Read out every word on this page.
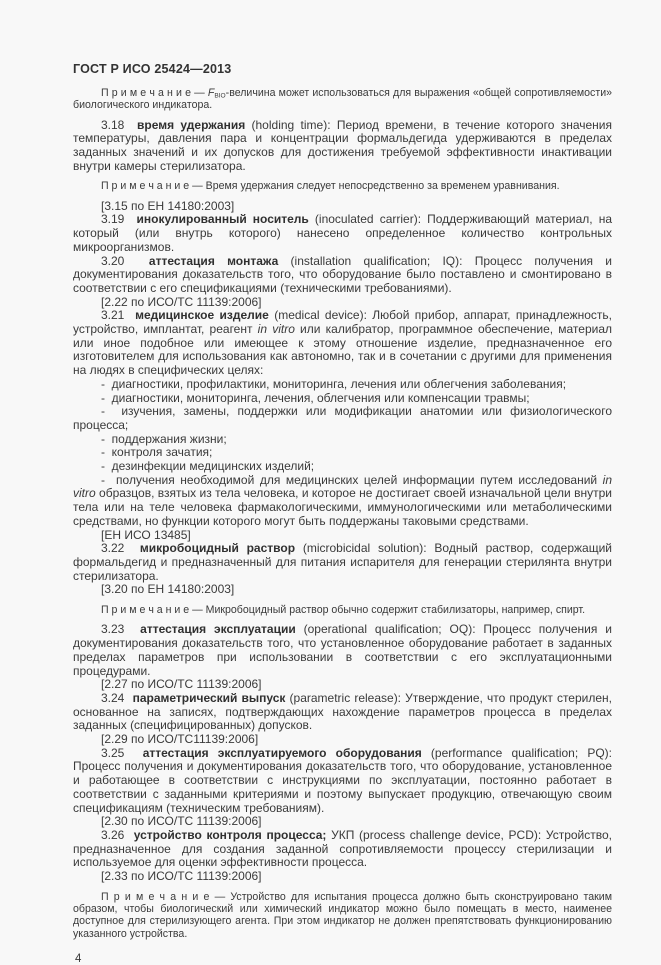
ГОСТ Р ИСО 25424—2013

П р и м е ч а н и е — $F_{BIO}$-величина может использоваться для выражения «общей сопротивляемости» биологического индикатора.

3.18  время удержания (holding time): Период времени, в течение которого значения температуры, давления пара и концентрации формальдегида удерживаются в пределах заданных значений и их допусков для достижения требуемой эффективности инактивации внутри камеры стерилизатора.

П р и м е ч а н и е — Время удержания следует непосредственно за временем уравнивания.

[3.15 по ЕН 14180:2003]

3.19  инокулированный носитель (inoculated carrier): Поддерживающий материал, на который (или внутрь которого) нанесено определенное количество контрольных микроорганизмов.

3.20  аттестация монтажа (installation qualification; IQ): Процесс получения и документирования доказательств того, что оборудование было поставлено и смонтировано в соответствии с его спецификациями (техническими требованиями).

[2.22 по ИСО/ТС 11139:2006]

3.21  медицинское изделие (medical device): Любой прибор, аппарат, принадлежность, устройство, имплантат, реагент in vitro или калибратор, программное обеспечение, материал или иное подобное или имеющее к этому отношение изделие, предназначенное его изготовителем для использования как автономно, так и в сочетании с другими для применения на людях в специфических целях:

-  диагностики, профилактики, мониторинга, лечения или облегчения заболевания;

-  диагностики, мониторинга, лечения, облегчения или компенсации травмы;

-  изучения, замены, поддержки или модификации анатомии или физиологического процесса;

-  поддержания жизни;

-  контроля зачатия;

-  дезинфекции медицинских изделий;

-  получения необходимой для медицинских целей информации путем исследований in vitro образцов, взятых из тела человека, и которое не достигает своей изначальной цели внутри тела или на теле человека фармакологическими, иммунологическими или метаболическими средствами, но функции которого могут быть поддержаны таковыми средствами.

[ЕН ИСО 13485]

3.22  микробоцидный раствор (microbicidal solution): Водный раствор, содержащий формальдегид и предназначенный для питания испарителя для генерации стерилянта внутри стерилизатора.

[3.20 по ЕН 14180:2003]

П р и м е ч а н и е — Микробоцидный раствор обычно содержит стабилизаторы, например, спирт.

3.23  аттестация эксплуатации (operational qualification; OQ): Процесс получения и документирования доказательств того, что установленное оборудование работает в заданных пределах параметров при использовании в соответствии с его эксплуатационными процедурами.

[2.27 по ИСО/ТС 11139:2006]

3.24  параметрический выпуск (parametric release): Утверждение, что продукт стерилен, основанное на записях, подтверждающих нахождение параметров процесса в пределах заданных (специфицированных) допусков.

[2.29 по ИСО/ТС11139:2006]

3.25  аттестация эксплуатируемого оборудования (performance qualification; PQ): Процесс получения и документирования доказательств того, что оборудование, установленное и работающее в соответствии с инструкциями по эксплуатации, постоянно работает в соответствии с заданными критериями и поэтому выпускает продукцию, отвечающую своим спецификациям (техническим требованиям).

[2.30 по ИСО/ТС 11139:2006]

3.26  устройство контроля процесса; УКП (process challenge device, PCD): Устройство, предназначенное для создания заданной сопротивляемости процессу стерилизации и используемое для оценки эффективности процесса.

[2.33 по ИСО/ТС 11139:2006]

П р и м е ч а н и е — Устройство для испытания процесса должно быть сконструировано таким образом, чтобы биологический или химический индикатор можно было помещать в место, наименее доступное для стерилизующего агента. При этом индикатор не должен препятствовать функционированию указанного устройства.

4
